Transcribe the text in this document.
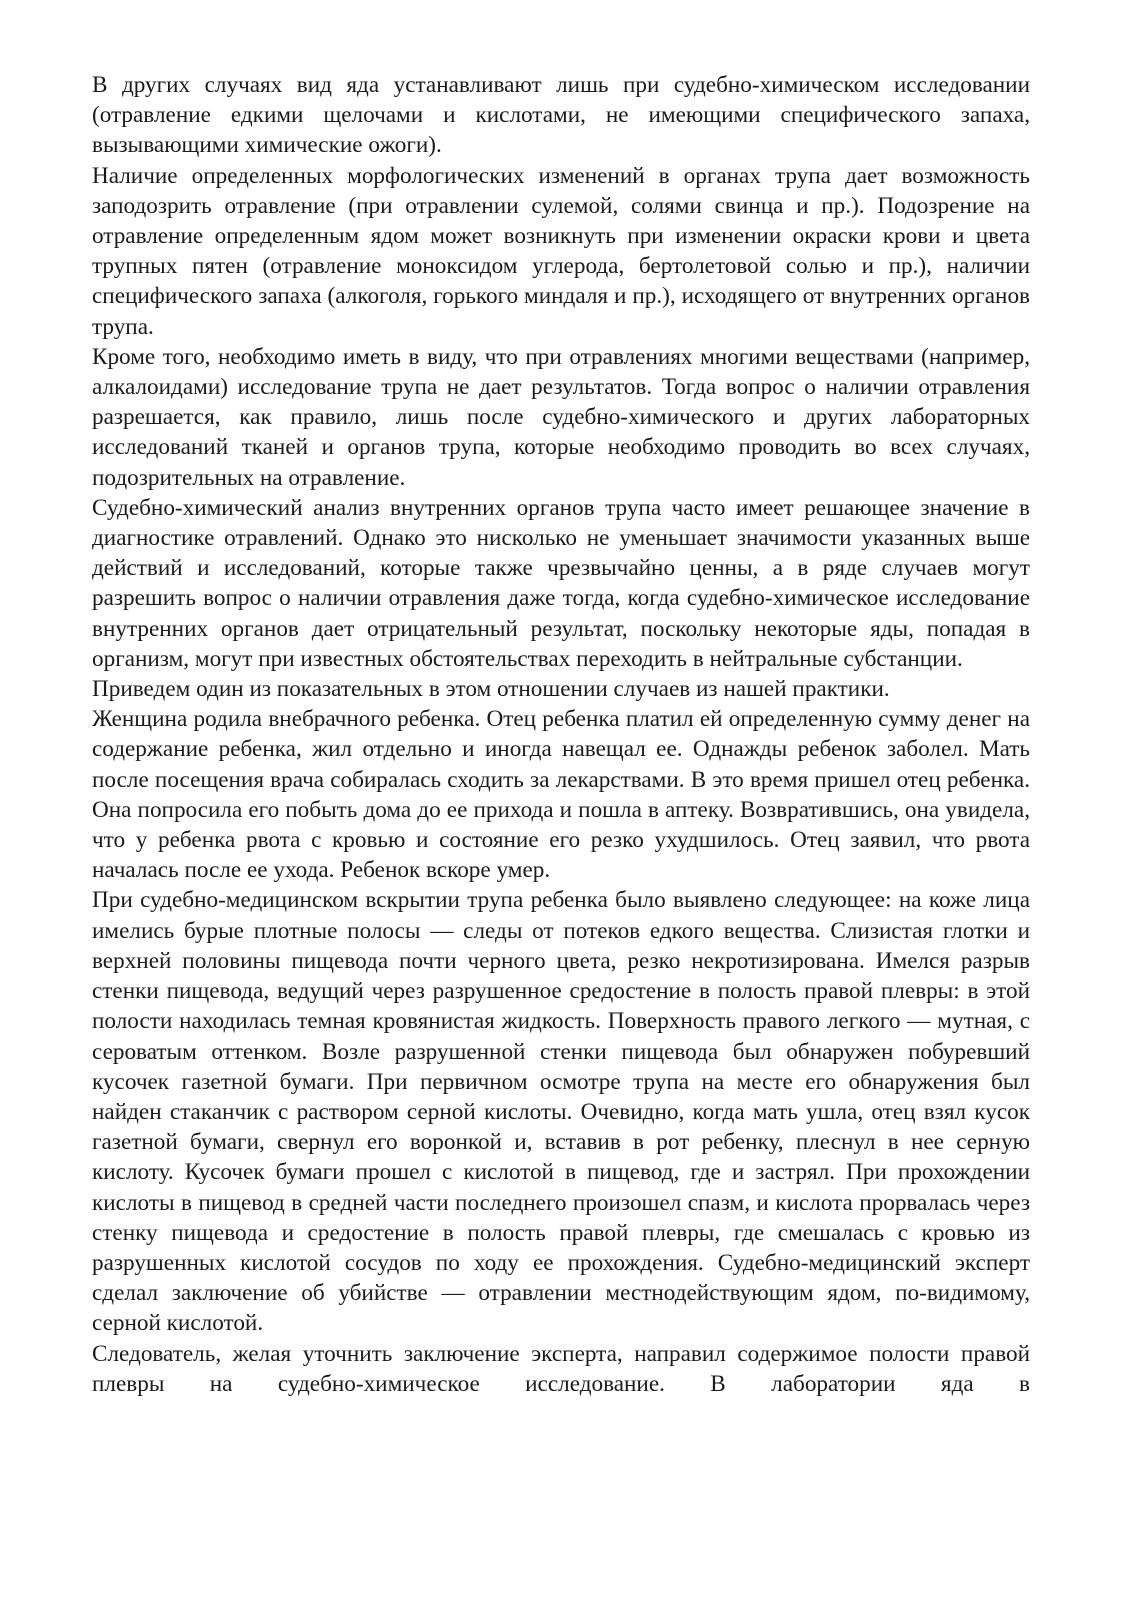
В других случаях вид яда устанавливают лишь при судебно-химическом исследовании (отравление едкими щелочами и кислотами, не имеющими специфического запаха, вызывающими химические ожоги).

Наличие определенных морфологических изменений в органах трупа дает возможность заподозрить отравление (при отравлении сулемой, солями свинца и пр.). Подозрение на отравление определенным ядом может возникнуть при изменении окраски крови и цвета трупных пятен (отравление моноксидом углерода, бертолетовой солью и пр.), наличии специфического запаха (алкоголя, горького миндаля и пр.), исходящего от внутренних органов трупа.

Кроме того, необходимо иметь в виду, что при отравлениях многими веществами (например, алкалоидами) исследование трупа не дает результатов. Тогда вопрос о наличии отравления разрешается, как правило, лишь после судебно-химического и других лабораторных исследований тканей и органов трупа, которые необходимо проводить во всех случаях, подозрительных на отравление.

Судебно-химический анализ внутренних органов трупа часто имеет решающее значение в диагностике отравлений. Однако это нисколько не уменьшает значимости указанных выше действий и исследований, которые также чрезвычайно ценны, а в ряде случаев могут разрешить вопрос о наличии отравления даже тогда, когда судебно-химическое исследование внутренних органов дает отрицательный результат, поскольку некоторые яды, попадая в организм, могут при известных обстоятельствах переходить в нейтральные субстанции.

Приведем один из показательных в этом отношении случаев из нашей практики.

Женщина родила внебрачного ребенка. Отец ребенка платил ей определенную сумму денег на содержание ребенка, жил отдельно и иногда навещал ее. Однажды ребенок заболел. Мать после посещения врача собиралась сходить за лекарствами. В это время пришел отец ребенка. Она попросила его побыть дома до ее прихода и пошла в аптеку. Возвратившись, она увидела, что у ребенка рвота с кровью и состояние его резко ухудшилось. Отец заявил, что рвота началась после ее ухода. Ребенок вскоре умер.

При судебно-медицинском вскрытии трупа ребенка было выявлено следующее: на коже лица имелись бурые плотные полосы — следы от потеков едкого вещества. Слизистая глотки и верхней половины пищевода почти черного цвета, резко некротизирована. Имелся разрыв стенки пищевода, ведущий через разрушенное средостение в полость правой плевры: в этой полости находилась темная кровянистая жидкость. Поверхность правого легкого — мутная, с сероватым оттенком. Возле разрушенной стенки пищевода был обнаружен побуревший кусочек газетной бумаги. При первичном осмотре трупа на месте его обнаружения был найден стаканчик с раствором серной кислоты. Очевидно, когда мать ушла, отец взял кусок газетной бумаги, свернул его воронкой и, вставив в рот ребенку, плеснул в нее серную кислоту. Кусочек бумаги прошел с кислотой в пищевод, где и застрял. При прохождении кислоты в пищевод в средней части последнего произошел спазм, и кислота прорвалась через стенку пищевода и средостение в полость правой плевры, где смешалась с кровью из разрушенных кислотой сосудов по ходу ее прохождения. Судебно-медицинский эксперт сделал заключение об убийстве — отравлении местнодействующим ядом, по-видимому, серной кислотой.

Следователь, желая уточнить заключение эксперта, направил содержимое полости правой плевры на судебно-химическое исследование. В лаборатории яда в
